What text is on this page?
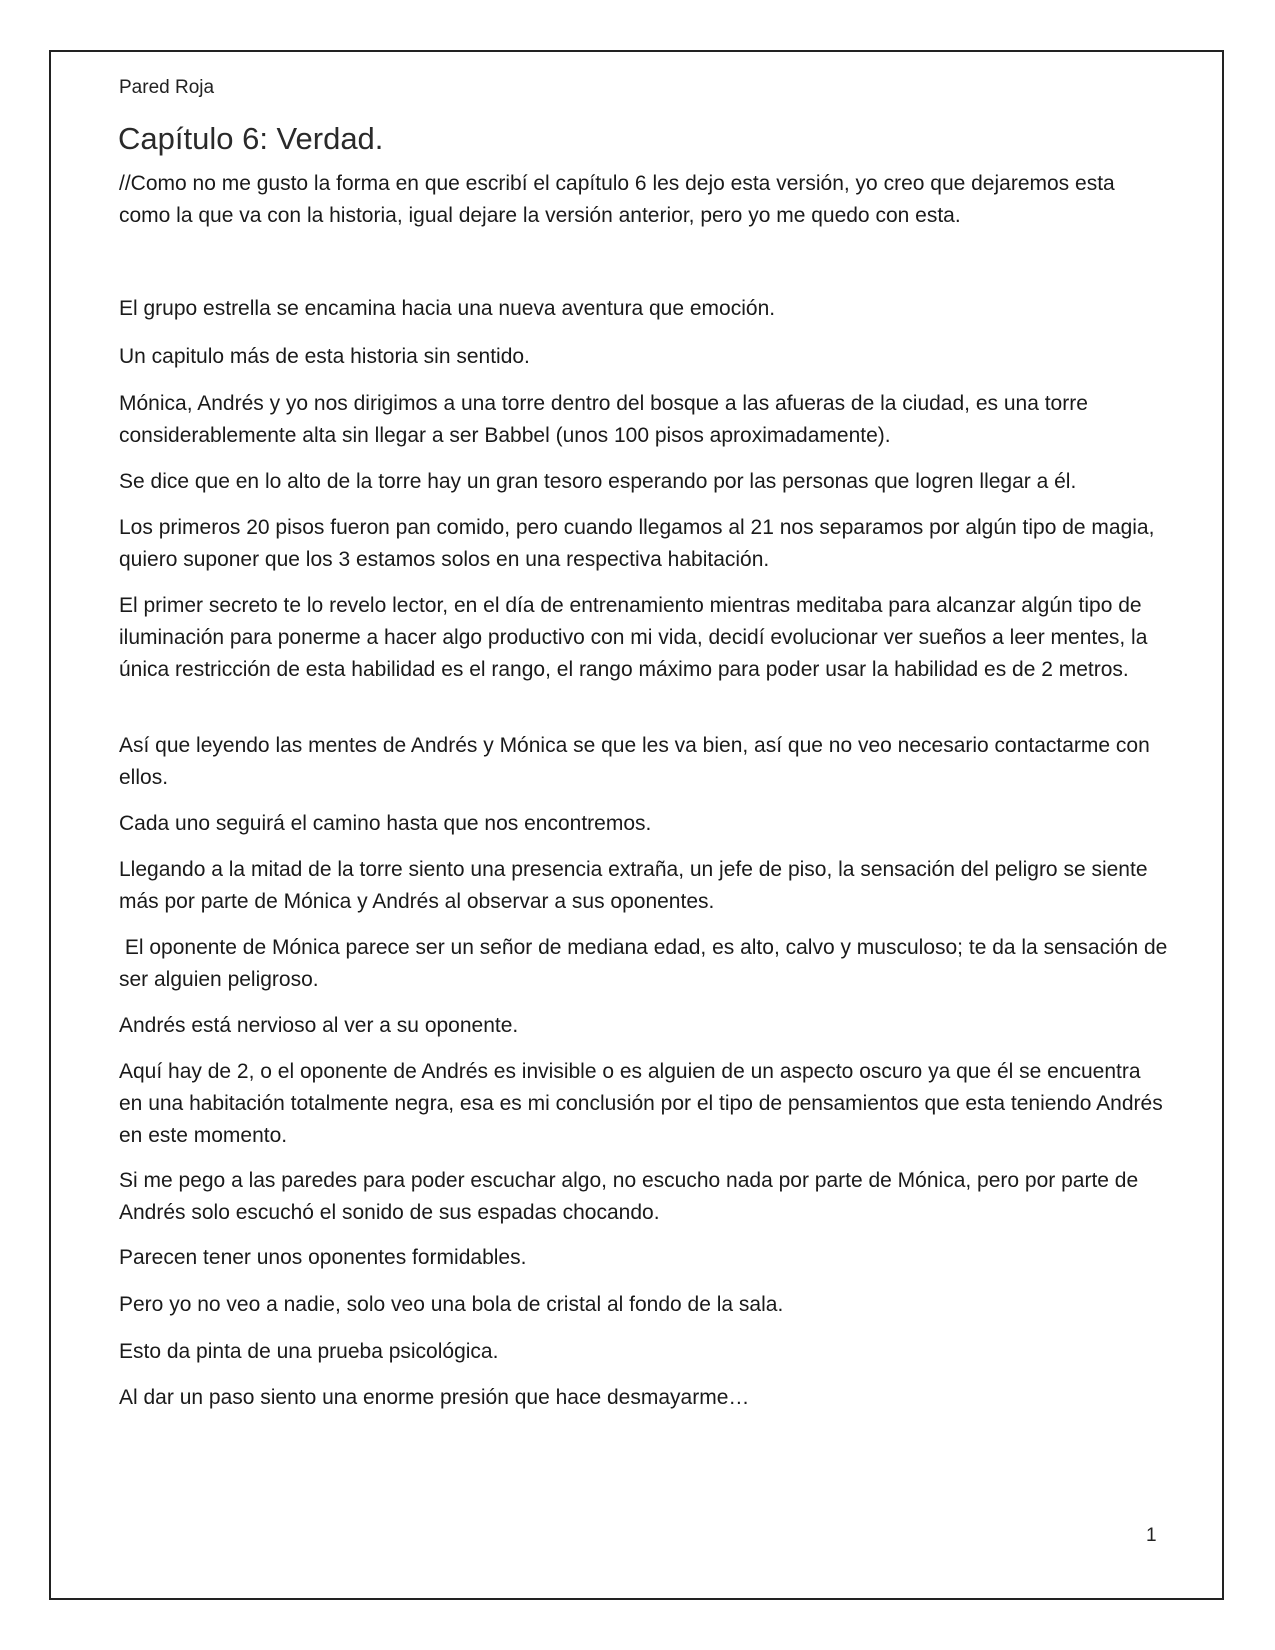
Pared Roja
Capítulo 6: Verdad.

//Como no me gusto la forma en que escribí el capítulo 6 les dejo esta versión, yo creo que dejaremos esta como la que va con la historia, igual dejare la versión anterior, pero yo me quedo con esta.

El grupo estrella se encamina hacia una nueva aventura que emoción.

Un capitulo más de esta historia sin sentido.

Mónica, Andrés y yo nos dirigimos a una torre dentro del bosque a las afueras de la ciudad, es una torre considerablemente alta sin llegar a ser Babbel (unos 100 pisos aproximadamente).

Se dice que en lo alto de la torre hay un gran tesoro esperando por las personas que logren llegar a él.

Los primeros 20 pisos fueron pan comido, pero cuando llegamos al 21 nos separamos por algún tipo de magia, quiero suponer que los 3 estamos solos en una respectiva habitación.

El primer secreto te lo revelo lector, en el día de entrenamiento mientras meditaba para alcanzar algún tipo de iluminación para ponerme a hacer algo productivo con mi vida, decidí evolucionar ver sueños a leer mentes, la única restricción de esta habilidad es el rango, el rango máximo para poder usar la habilidad es de 2 metros.

Así que leyendo las mentes de Andrés y Mónica se que les va bien, así que no veo necesario contactarme con ellos.

Cada uno seguirá el camino hasta que nos encontremos.

Llegando a la mitad de la torre siento una presencia extraña, un jefe de piso, la sensación del peligro se siente más por parte de Mónica y Andrés al observar a sus oponentes.

El oponente de Mónica parece ser un señor de mediana edad, es alto, calvo y musculoso; te da la sensación de ser alguien peligroso.

Andrés está nervioso al ver a su oponente.

Aquí hay de 2, o el oponente de Andrés es invisible o es alguien de un aspecto oscuro ya que él se encuentra en una habitación totalmente negra, esa es mi conclusión por el tipo de pensamientos que esta teniendo Andrés en este momento.

Si me pego a las paredes para poder escuchar algo, no escucho nada por parte de Mónica, pero por parte de Andrés solo escuchó el sonido de sus espadas chocando.

Parecen tener unos oponentes formidables.

Pero yo no veo a nadie, solo veo una bola de cristal al fondo de la sala.

Esto da pinta de una prueba psicológica.

Al dar un paso siento una enorme presión que hace desmayarme…

1
